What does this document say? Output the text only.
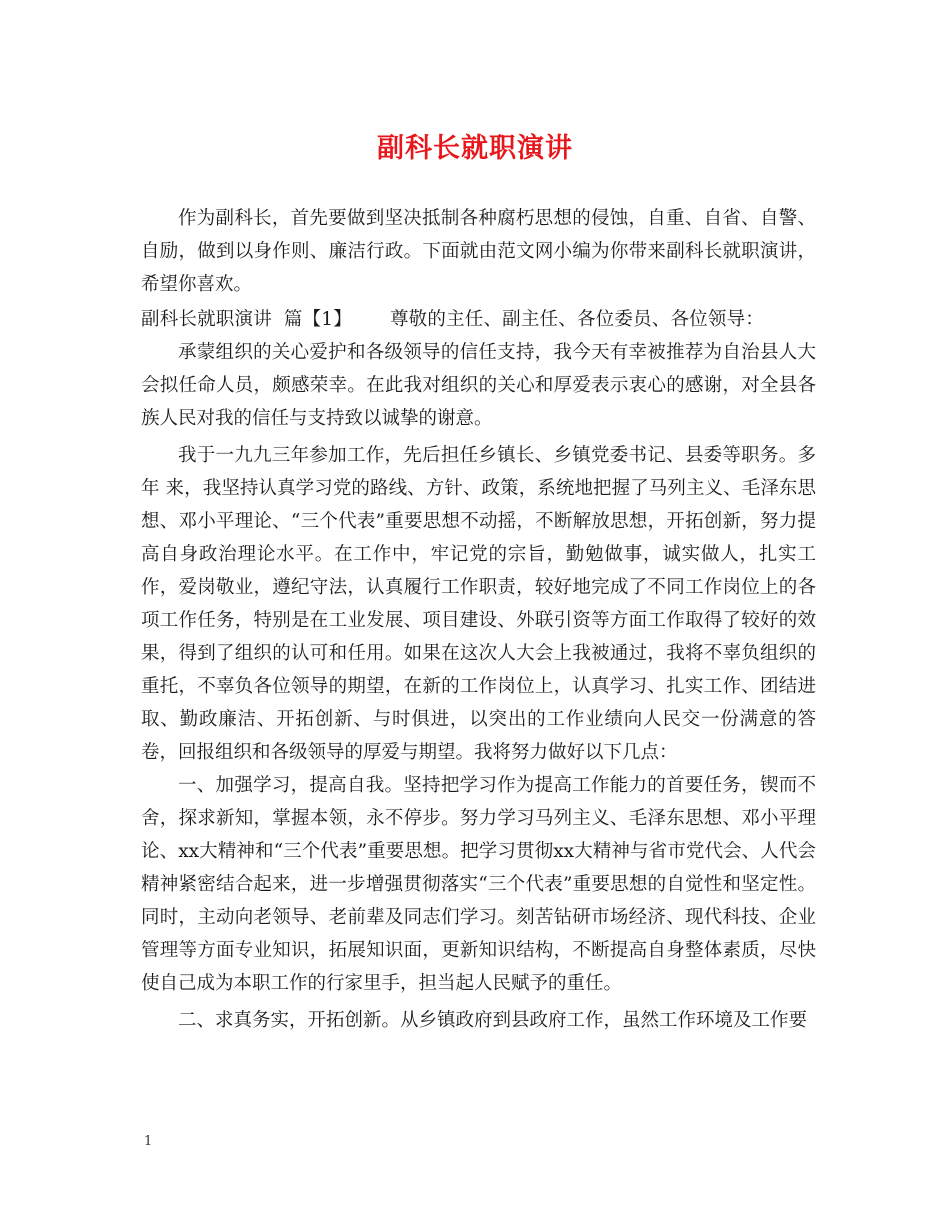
副科长就职演讲

作为副科长，首先要做到坚决抵制各种腐朽思想的侵蚀，自重、自省、自警、自励，做到以身作则、廉洁行政。下面就由范文网小编为你带来副科长就职演讲，希望你喜欢。

副科长就职演讲 篇【1】 尊敬的主任、副主任、各位委员、各位领导：

承蒙组织的关心爱护和各级领导的信任支持，我今天有幸被推荐为自治县人大会拟任命人员，颇感荣幸。在此我对组织的关心和厚爱表示衷心的感谢，对全县各族人民对我的信任与支持致以诚挚的谢意。

我于一九九三年参加工作，先后担任乡镇长、乡镇党委书记、县委等职务。多年 来，我坚持认真学习党的路线、方针、政策，系统地把握了马列主义、毛泽东思想、邓小平理论、“三个代表”重要思想不动摇，不断解放思想，开拓创新，努力提高自身政治理论水平。在工作中，牢记党的宗旨，勤勉做事，诚实做人，扎实工作，爱岗敬业，遵纪守法，认真履行工作职责，较好地完成了不同工作岗位上的各项工作任务，特别是在工业发展、项目建设、外联引资等方面工作取得了较好的效果，得到了组织的认可和任用。如果在这次人大会上我被通过，我将不辜负组织的重托，不辜负各位领导的期望，在新的工作岗位上，认真学习、扎实工作、团结进取、勤政廉洁、开拓创新、与时俱进，以突出的工作业绩向人民交一份满意的答卷，回报组织和各级领导的厚爱与期望。我将努力做好以下几点：

一、加强学习，提高自我。坚持把学习作为提高工作能力的首要任务，锲而不舍，探求新知，掌握本领，永不停步。努力学习马列主义、毛泽东思想、邓小平理论、xx大精神和“三个代表”重要思想。把学习贯彻xx大精神与省市党代会、人代会精神紧密结合起来，进一步增强贯彻落实“三个代表”重要思想的自觉性和坚定性。同时，主动向老领导、老前辈及同志们学习。刻苦钻研市场经济、现代科技、企业管理等方面专业知识，拓展知识面，更新知识结构，不断提高自身整体素质，尽快使自己成为本职工作的行家里手，担当起人民赋予的重任。

二、求真务实，开拓创新。从乡镇政府到县政府工作，虽然工作环境及工作要

1
